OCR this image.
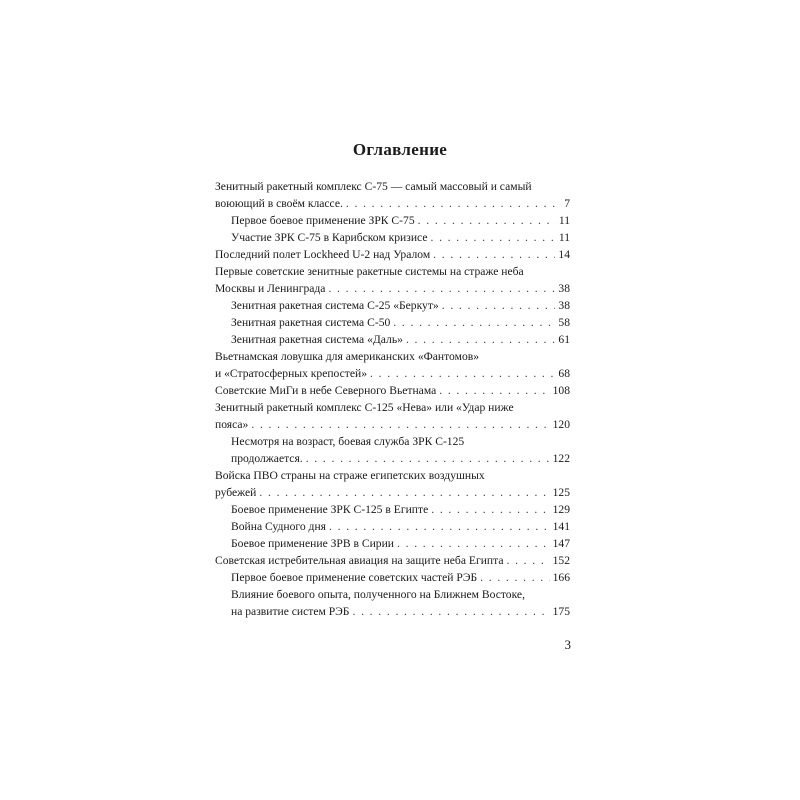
Оглавление
Зенитный ракетный комплекс С-75 — самый массовый и самый
воюющий в своём классе. . . .	7
Первое боевое применение ЗРК С-75 . . .	11
Участие ЗРК С-75 в Карибском кризисе . . .	11
Последний полет Lockheed U-2 над Уралом . . .	14
Первые советские зенитные ракетные системы на страже неба
Москвы и Ленинграда . . .	38
Зенитная ракетная система С-25 «Беркут» . . .	38
Зенитная ракетная система С-50 . . .	58
Зенитная ракетная система «Даль» . . .	61
Вьетнамская ловушка для американских «Фантомов»
и «Стратосферных крепостей» . . .	68
Советские МиГи в небе Северного Вьетнама . . .	108
Зенитный ракетный комплекс С-125 «Нева» или «Удар ниже
пояса» . . .	120
Несмотря на возраст, боевая служба ЗРК С-125
продолжается. . . .	122
Войска ПВО страны на страже египетских воздушных
рубежей . . .	125
Боевое применение ЗРК С-125 в Египте . . .	129
Война Судного дня . . .	141
Боевое применение ЗРВ в Сирии . . .	147
Советская истребительная авиация на защите неба Египта . . .	152
Первое боевое применение советских частей РЭБ . . .	166
Влияние боевого опыта, полученного на Ближнем Востоке,
на развитие систем РЭБ . . .	175
3
